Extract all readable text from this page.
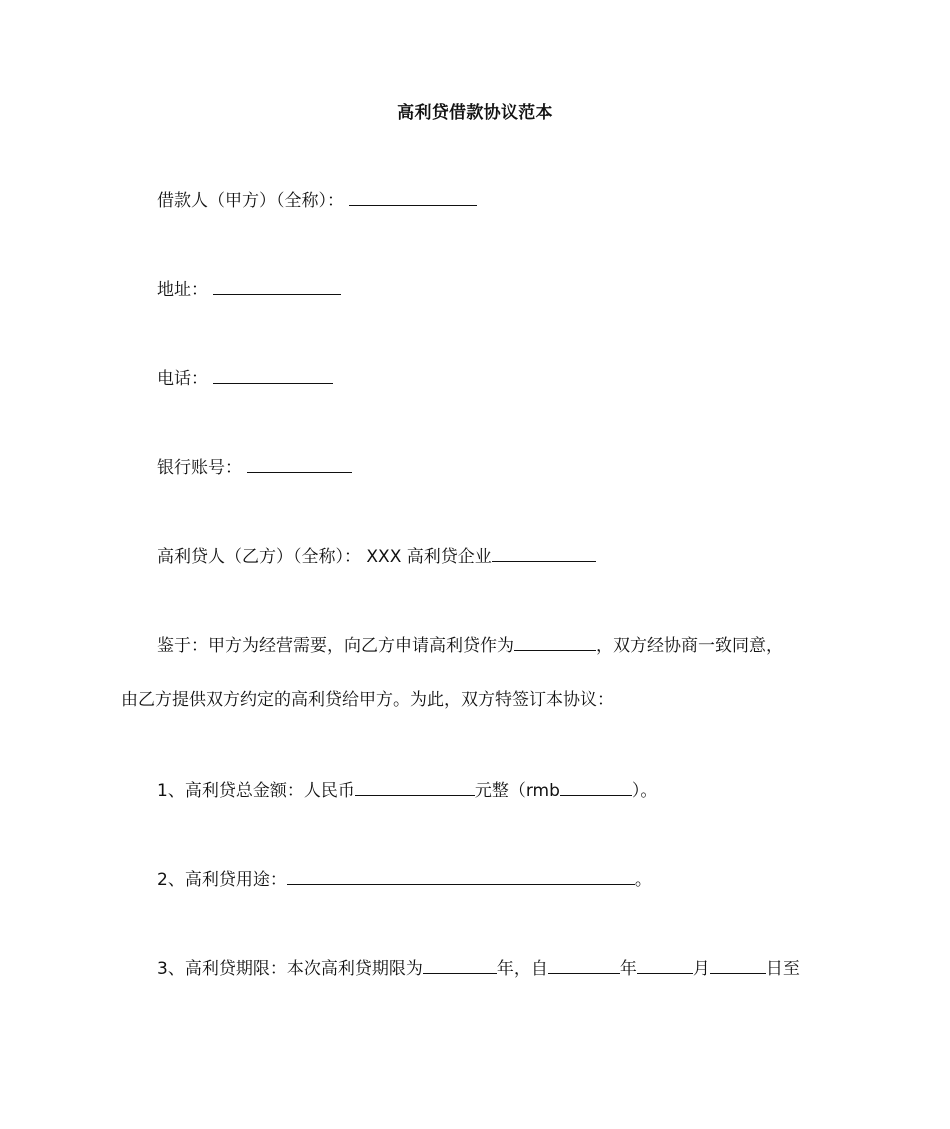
高利贷借款协议范本
借款人（甲方）（全称）：
地址：
电话：
银行账号：
高利贷人（乙方）（全称）： XXX 高利贷企业
鉴于：甲方为经营需要，向乙方申请高利贷作为	，双方经协商一致同意，
由乙方提供双方约定的高利贷给甲方。为此，双方特签订本协议：
1、高利贷总金额：人民币	元整（rmb	）。
2、高利贷用途：	。
3、高利贷期限：本次高利贷期限为	年，自	年	月	日至
